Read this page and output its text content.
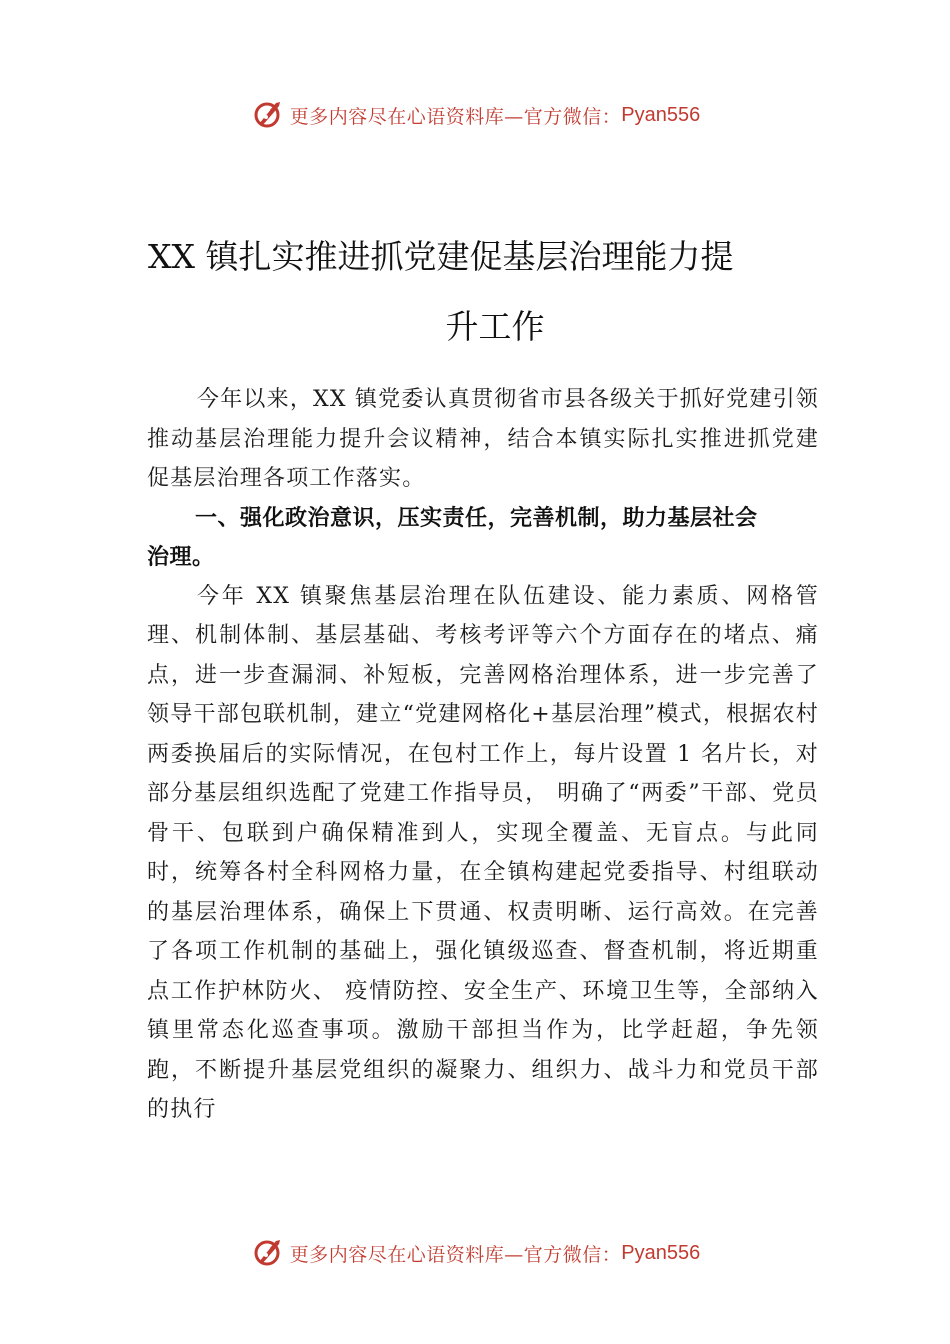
更多内容尽在心语资料库—官方微信： Pyan556
XX 镇扎实推进抓党建促基层治理能力提
升工作

今年以来，XX 镇党委认真贯彻省市县各级关于抓好党建引领推动基层治理能力提升会议精神，结合本镇实际扎实推进抓党建促基层治理各项工作落实。

一、强化政治意识，压实责任，完善机制，助力基层社会治理。

今年 XX 镇聚焦基层治理在队伍建设、能力素质、网格管理、机制体制、基层基础、考核考评等六个方面存在的堵点、痛点，进一步查漏洞、补短板，完善网格治理体系，进一步完善了领导干部包联机制，建立“党建网格化+基层治理”模式，根据农村两委换届后的实际情况，在包村工作上，每片设置 1 名片长，对部分基层组织选配了党建工作指导员， 明确了“两委”干部、党员骨干、包联到户确保精准到人，实现全覆盖、无盲点。与此同时，统筹各村全科网格力量，在全镇构建起党委指导、村组联动的基层治理体系，确保上下贯通、权责明晰、运行高效。在完善了各项工作机制的基础上，强化镇级巡查、督查机制，将近期重点工作护林防火、 疫情防控、安全生产、环境卫生等，全部纳入镇里常态化巡查事项。激励干部担当作为，比学赶超，争先领跑，不断提升基层党组织的凝聚力、组织力、战斗力和党员干部的执行

更多内容尽在心语资料库—官方微信： Pyan556
